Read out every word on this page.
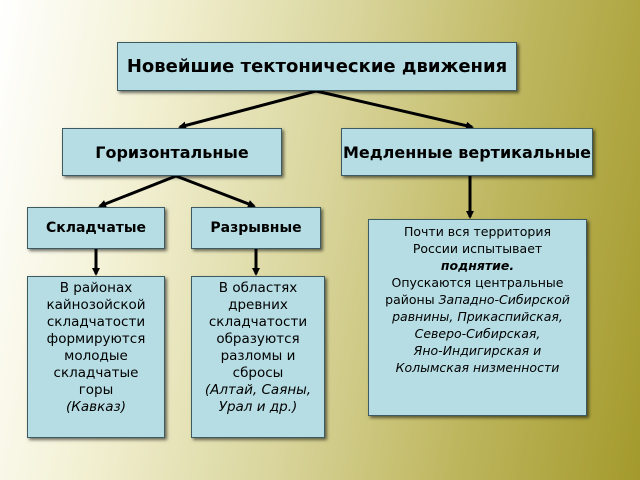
Новейшие тектонические движения
Горизонтальные	Медленные вертикальные
Складчатые	Разрывные
В районах
кайнозойской
складчатости
формируются
молодые
складчатые
горы
(Кавказ)
В областях
древних
складчатости
образуются
разломы и
сбросы
(Алтай, Саяны,
Урал и др.)
Почти вся территория
России испытывает
поднятие.
Опускаются центральные
районы Западно-Сибирской
равнины, Прикаспийская,
Северо-Сибирская,
Яно-Индигирская и
Колымская низменности
